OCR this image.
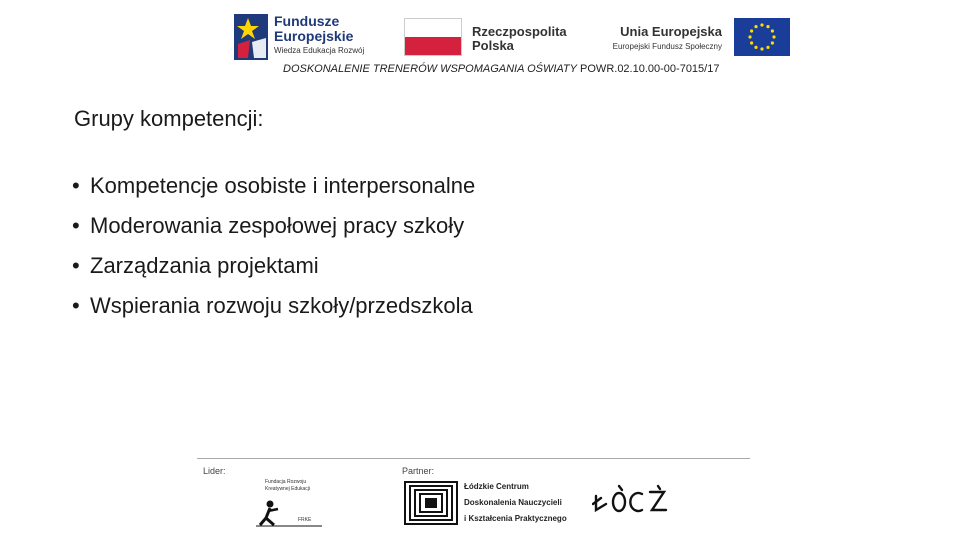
Fundusze
Europejskie
Wiedza Edukacja Rozwój
Rzeczpospolita
Polska
Unia Europejska
Europejski Fundusz Społeczny
DOSKONALENIE TRENERÓW WSPOMAGANIA OŚWIATY POWR.02.10.00-00-7015/17
Grupy kompetencji:
• Kompetencje osobiste i interpersonalne
• Moderowania zespołowej pracy szkoły
• Zarządzania projektami
• Wspierania rozwoju szkoły/przedszkola
Lider:	Partner:
Fundacja Rozwoju
Kreatywnej Edukacji
FRKE
Łódzkie Centrum
Doskonalenia Nauczycieli
i Kształcenia Praktycznego
